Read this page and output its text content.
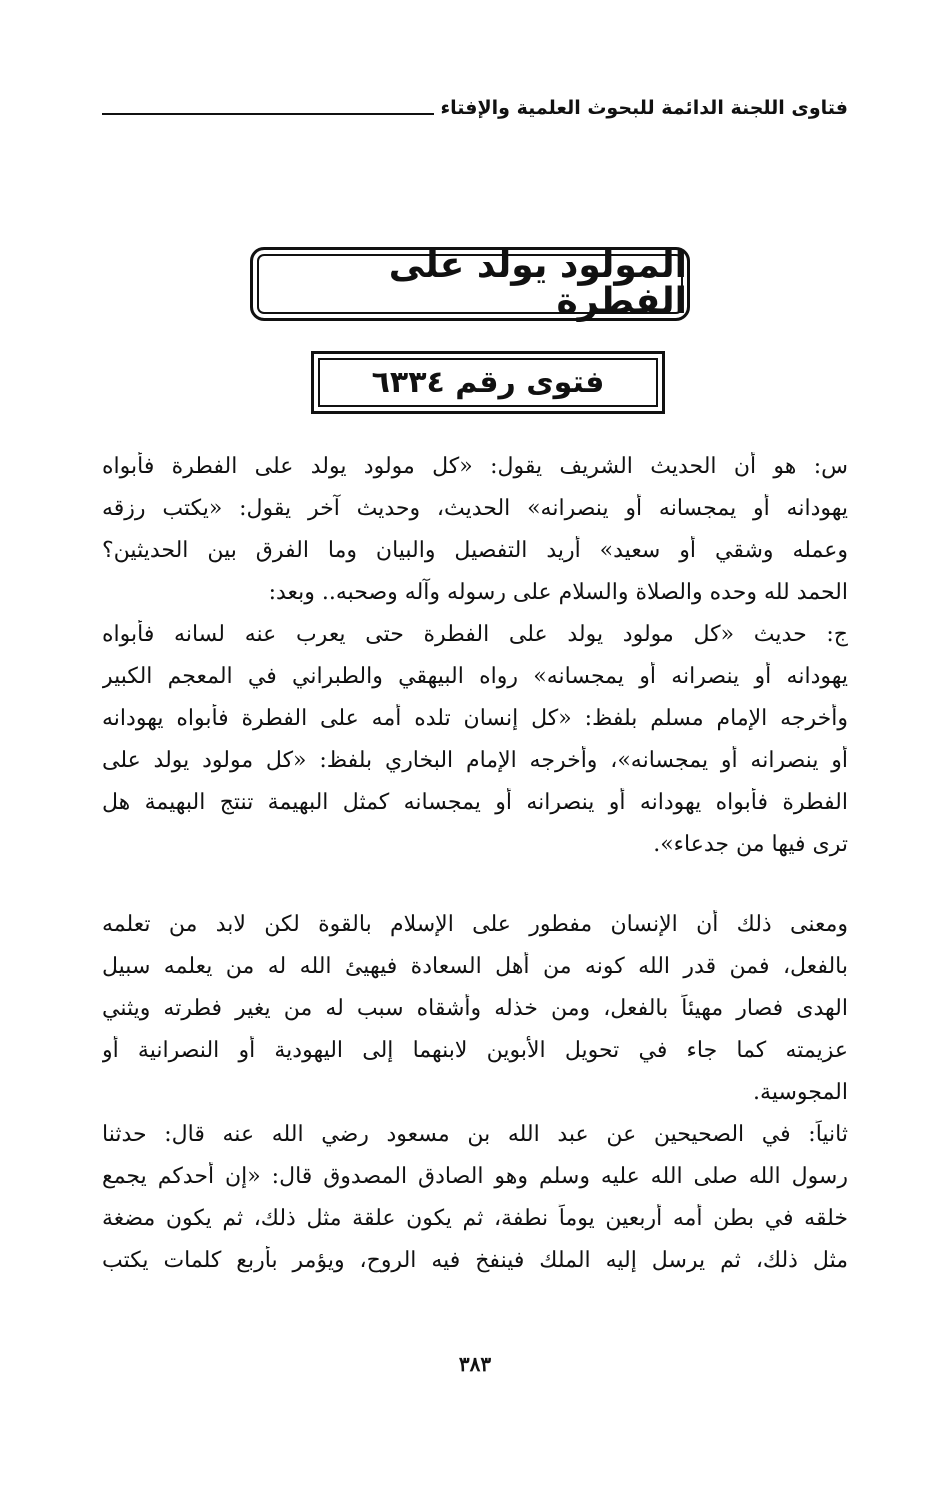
فتاوى اللجنة الدائمة للبحوث العلمية والإفتاء
المولود يولد على الفطرة
فتوى رقم ٦٣٣٤
س: هو أن الحديث الشريف يقول: «كل مولود يولد على الفطرة فأبواه
يهودانه أو يمجسانه أو ينصرانه» الحديث، وحديث آخر يقول: «يكتب رزقه
وعمله وشقي أو سعيد» أريد التفصيل والبيان وما الفرق بين الحديثين؟
الحمد لله وحده والصلاة والسلام على رسوله وآله وصحبه.. وبعد:
ج: حديث «كل مولود يولد على الفطرة حتى يعرب عنه لسانه فأبواه
يهودانه أو ينصرانه أو يمجسانه» رواه البيهقي والطبراني في المعجم الكبير
وأخرجه الإمام مسلم بلفظ: «كل إنسان تلده أمه على الفطرة فأبواه يهودانه
أو ينصرانه أو يمجسانه»، وأخرجه الإمام البخاري بلفظ: «كل مولود يولد على
الفطرة فأبواه يهودانه أو ينصرانه أو يمجسانه كمثل البهيمة تنتج البهيمة هل
ترى فيها من جدعاء».
ومعنى ذلك أن الإنسان مفطور على الإسلام بالقوة لكن لابد من تعلمه
بالفعل، فمن قدر الله كونه من أهل السعادة فيهيئ الله له من يعلمه سبيل
الهدى فصار مهيئاً بالفعل، ومن خذله وأشقاه سبب له من يغير فطرته ويثني
عزيمته كما جاء في تحويل الأبوين لابنهما إلى اليهودية أو النصرانية أو
المجوسية.
ثانياً: في الصحيحين عن عبد الله بن مسعود رضي الله عنه قال: حدثنا
رسول الله صلى الله عليه وسلم وهو الصادق المصدوق قال: «إن أحدكم يجمع
خلقه في بطن أمه أربعين يوماً نطفة، ثم يكون علقة مثل ذلك، ثم يكون مضغة
مثل ذلك، ثم يرسل إليه الملك فينفخ فيه الروح، ويؤمر بأربع كلمات يكتب
٣٨٣
